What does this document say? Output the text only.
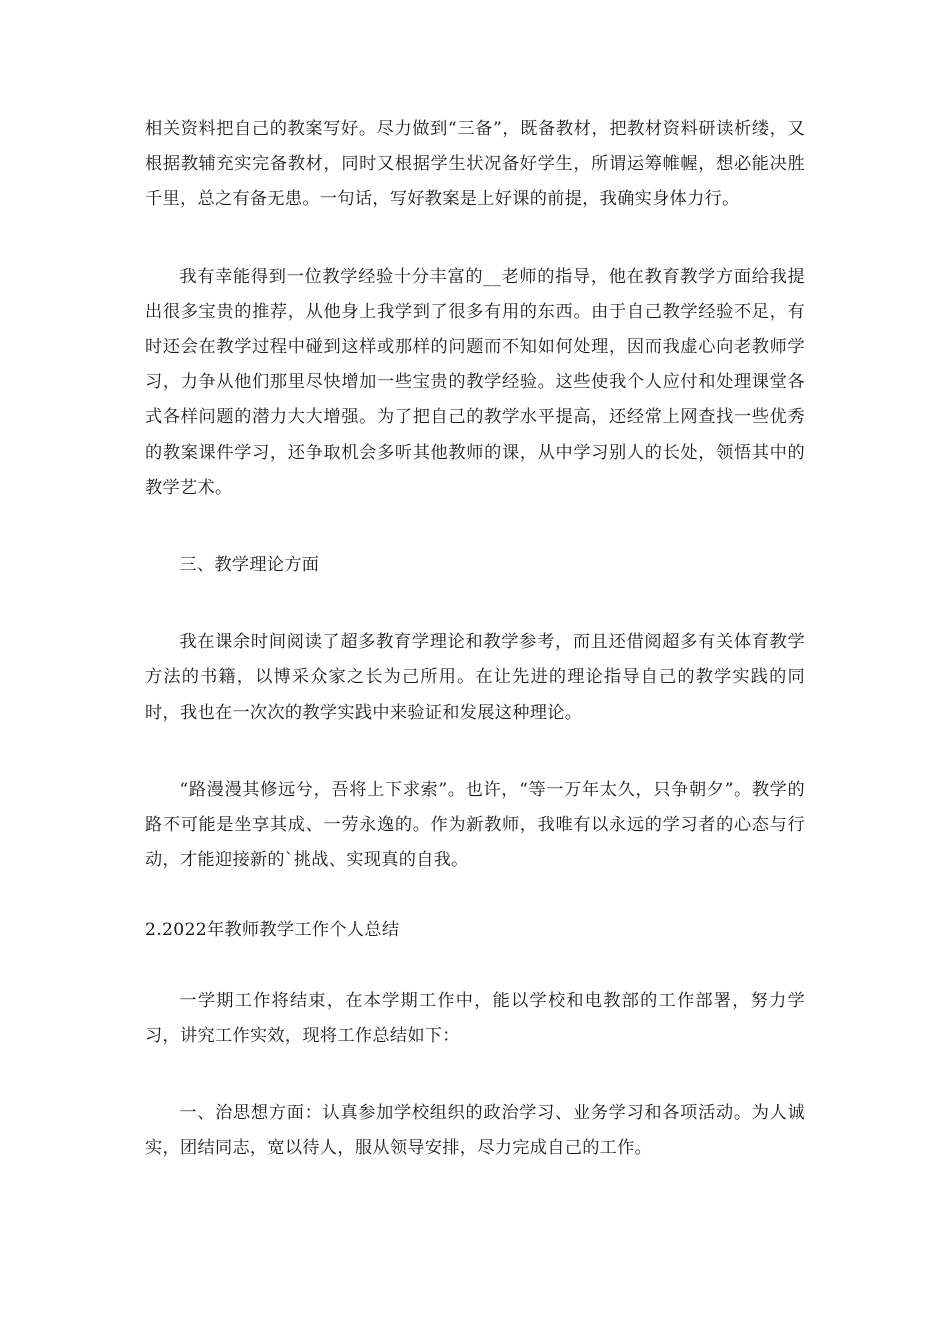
相关资料把自己的教案写好。尽力做到“三备”，既备教材，把教材资料研读析缕，又根据教辅充实完备教材，同时又根据学生状况备好学生，所谓运筹帷幄，想必能决胜千里，总之有备无患。一句话，写好教案是上好课的前提，我确实身体力行。

我有幸能得到一位教学经验十分丰富的__老师的指导，他在教育教学方面给我提出很多宝贵的推荐，从他身上我学到了很多有用的东西。由于自己教学经验不足，有时还会在教学过程中碰到这样或那样的问题而不知如何处理，因而我虚心向老教师学习，力争从他们那里尽快增加一些宝贵的教学经验。这些使我个人应付和处理课堂各式各样问题的潜力大大增强。为了把自己的教学水平提高，还经常上网查找一些优秀的教案课件学习，还争取机会多听其他教师的课，从中学习别人的长处，领悟其中的教学艺术。

三、教学理论方面

我在课余时间阅读了超多教育学理论和教学参考，而且还借阅超多有关体育教学方法的书籍，以博采众家之长为己所用。在让先进的理论指导自己的教学实践的同时，我也在一次次的教学实践中来验证和发展这种理论。

“路漫漫其修远兮，吾将上下求索”。也许，“等一万年太久，只争朝夕”。教学的路不可能是坐享其成、一劳永逸的。作为新教师，我唯有以永远的学习者的心态与行动，才能迎接新的`挑战、实现真的自我。

2.2022年教师教学工作个人总结

一学期工作将结束，在本学期工作中，能以学校和电教部的工作部署，努力学习，讲究工作实效，现将工作总结如下：

一、治思想方面：认真参加学校组织的政治学习、业务学习和各项活动。为人诚实，团结同志，宽以待人，服从领导安排，尽力完成自己的工作。
